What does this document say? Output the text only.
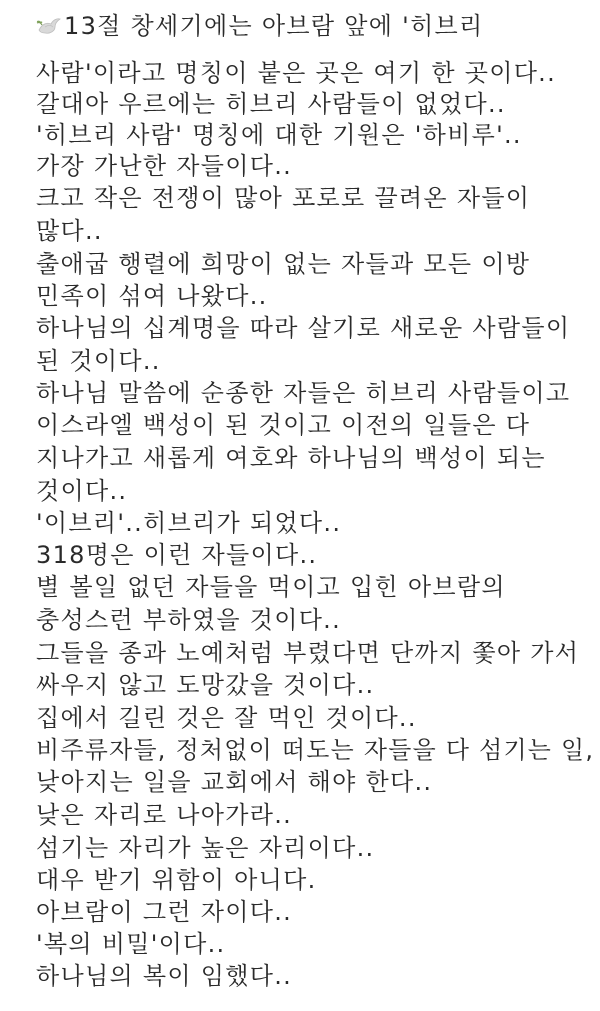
13절 창세기에는 아브람 앞에 '히브리
사람'이라고 명칭이 붙은 곳은 여기 한 곳이다..
갈대아 우르에는 히브리 사람들이 없었다..
'히브리 사람' 명칭에 대한 기원은 '하비루'..
가장 가난한 자들이다..
크고 작은 전쟁이 많아 포로로 끌려온 자들이
많다..
출애굽 행렬에 희망이 없는 자들과 모든 이방
민족이 섞여 나왔다..
하나님의 십계명을 따라 살기로 새로운 사람들이
된 것이다..
하나님 말씀에 순종한 자들은 히브리 사람들이고
이스라엘 백성이 된 것이고 이전의 일들은 다
지나가고 새롭게 여호와 하나님의 백성이 되는
것이다..
'이브리'..히브리가 되었다..
318명은 이런 자들이다..
별 볼일 없던 자들을 먹이고 입힌 아브람의
충성스런 부하였을 것이다..
그들을 종과 노예처럼 부렸다면 단까지 쫓아 가서
싸우지 않고 도망갔을 것이다..
집에서 길린 것은 잘 먹인 것이다..
비주류자들, 정처없이 떠도는 자들을 다 섬기는 일,
낮아지는 일을 교회에서 해야 한다..
낮은 자리로 나아가라..
섬기는 자리가 높은 자리이다..
대우 받기 위함이 아니다.
아브람이 그런 자이다..
'복의 비밀'이다..
하나님의 복이 임했다..
